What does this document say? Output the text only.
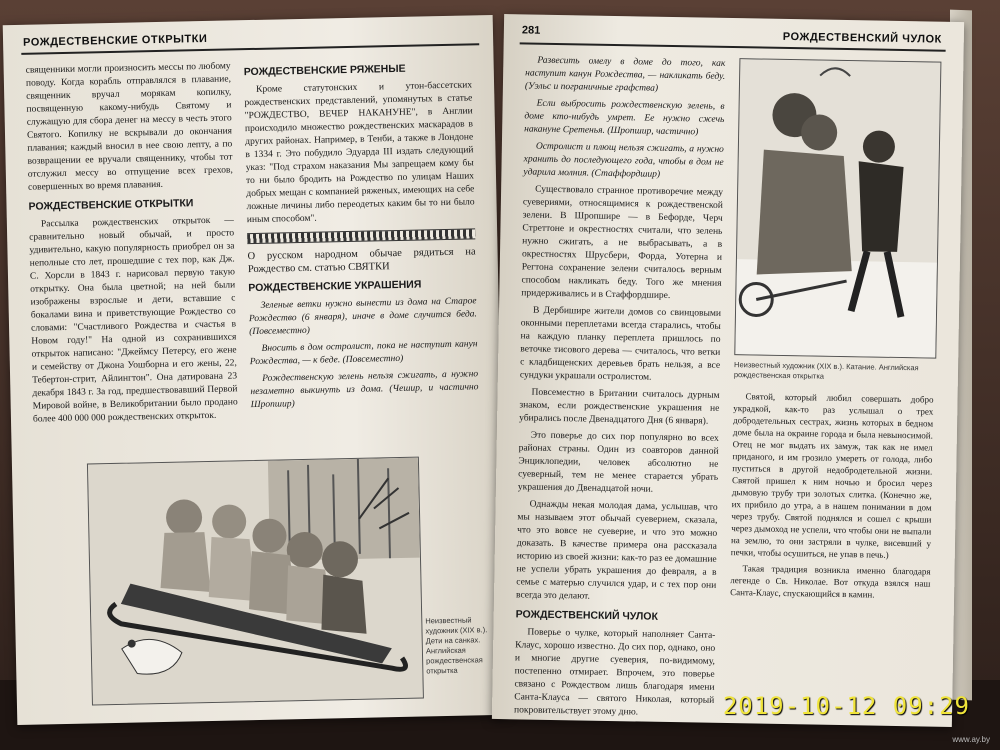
РОЖДЕСТВЕНСКИЕ ОТКРЫТКИ

священники могли произносить мессы по любому поводу. Когда корабль отправлялся в плавание, священник вручал морякам копилку, посвященную какому-нибудь Святому и служащую для сбора денег на мессу в честь этого Святого. Копилку не вскрывали до окончания плавания; каждый вносил в нее свою лепту, а по возвращении ее вручали священнику, чтобы тот отслужил мессу во отпущение всех грехов, совершенных во время плавания.

РОЖДЕСТВЕНСКИЕ ОТКРЫТКИ

Рассылка рождественских открыток — сравнительно новый обычай, и просто удивительно, какую популярность приобрел он за неполные сто лет, прошедшие с тех пор, как Дж. С. Хорсли в 1843 г. нарисовал первую такую открытку. Она была цветной; на ней были изображены взрослые и дети, вставшие с бокалами вина и приветствующие Рождество со словами: "Счастливого Рождества и счастья в Новом году!" На одной из сохранившихся открыток написано: "Джеймсу Петерсу, его жене и семейству от Джона Уошборна и его жены, 22, Тебертон-стрит, Айлингтон". Она датирована 23 декабря 1843 г. За год, предшествовавший Первой Мировой войне, в Великобритании было продано более 400 000 000 рождественских открыток.

РОЖДЕСТВЕНСКИЕ РЯЖЕНЫЕ

Кроме статутонских и утон-бассетских рождественских представлений, упомянутых в статье "РОЖДЕСТВО, ВЕЧЕР НАКАНУНЕ", в Англии происходило множество рождественских маскарадов в других районах. Например, в Тенби, а также в Лондоне в 1334 г. Это побудило Эдуарда III издать следующий указ: "Под страхом наказания Мы запрещаем кому бы то ни было бродить на Рождество по улицам Наших добрых мещан с компанией ряженых, имеющих на себе ложные личины либо переодетых каким бы то ни было иным способом".

О русском народном обычае рядиться на Рождество см. статью СВЯТКИ

РОЖДЕСТВЕНСКИЕ УКРАШЕНИЯ

Зеленые ветки нужно вынести из дома на Старое Рождество (6 января), иначе в доме случится беда. (Повсеместно)

Вносить в дом остролист, пока не наступит канун Рождества, — к беде. (Повсеместно)

Рождественскую зелень нельзя сжигать, а нужно незаметно выкинуть из дома. (Чешир, и частично Шропшир)

Неизвестный художник (XIX в.). Дети на санках. Английская рождественская открытка
281
РОЖДЕСТВЕНСКИЙ ЧУЛОК

Развесить омелу в доме до того, как наступит канун Рождества, — накликать беду. (Уэльс и пограничные графства)

Если выбросить рождественскую зелень, в доме кто-нибудь умрет. Ее нужно сжечь накануне Сретенья. (Шропшир, частично)

Остролист и плющ нельзя сжигать, а нужно хранить до последующего года, чтобы в дом не ударила молния. (Стаффордшир)

Существовало странное противоречие между суевериями, относящимися к рождественской зелени. В Шропшире — в Бефорде, Черч Стреттоне и окрестностях считали, что зелень нужно сжигать, а не выбрасывать, а в окрестностях Шрусбери, Форда, Уотерна и Регтона сохранение зелени считалось верным способом накликать беду. Того же мнения придерживались и в Стаффордшире.

В Дербишире жители домов со свинцовыми оконными переплетами всегда старались, чтобы на каждую планку переплета пришлось по веточке тисового дерева — считалось, что ветки с кладбищенских деревьев брать нельзя, а все сундуки украшали остролистом.

Повсеместно в Британии считалось дурным знаком, если рождественские украшения не убирались после Двенадцатого Дня (6 января).

Это поверье до сих пор популярно во всех районах страны. Один из соавторов данной Энциклопедии, человек абсолютно не суеверный, тем не менее старается убрать украшения до Двенадцатой ночи.

Однажды некая молодая дама, услышав, что мы называем этот обычай суеверием, сказала, что это вовсе не суеверие, и что это можно доказать. В качестве примера она рассказала историю из своей жизни: как-то раз ее домашние не успели убрать украшения до февраля, а в семье с матерью случился удар, и с тех пор они всегда это делают.

РОЖДЕСТВЕНСКИЙ ЧУЛОК

Поверье о чулке, который наполняет Санта-Клаус, хорошо известно. До сих пор, однако, оно и многие другие суеверия, по-видимому, постепенно отмирает. Впрочем, это поверье связано с Рождеством лишь благодаря имени Санта-Клауса — святого Николая, который покровительствует этому дню.

Неизвестный художник (XIX в.). Катание. Английская рождественская открытка

Святой, который любил совершать добро украдкой, как-то раз услышал о трех добродетельных сестрах, жизнь которых в бедном доме была на окраине города и была невыносимой. Отец не мог выдать их замуж, так как не имел приданого, и им грозило умереть от голода, либо пуститься в другой недобродетельной жизни. Святой пришел к ним ночью и бросил через дымовую трубу три золотых слитка. (Конечно же, их прибило до утра, а в нашем понимании в дом через трубу. Святой поднялся и сошел с крыши через дымоход не успели, что чтобы они не выпали на землю, то они застряли в чулке, висевший у печки, чтобы осушиться, не упав в печь.)

Такая традиция возникла именно благодаря легенде о Св. Николае. Вот откуда взялся наш Санта-Клаус, спускающийся в камин.

2019-10-12 09:29
www.ay.by
